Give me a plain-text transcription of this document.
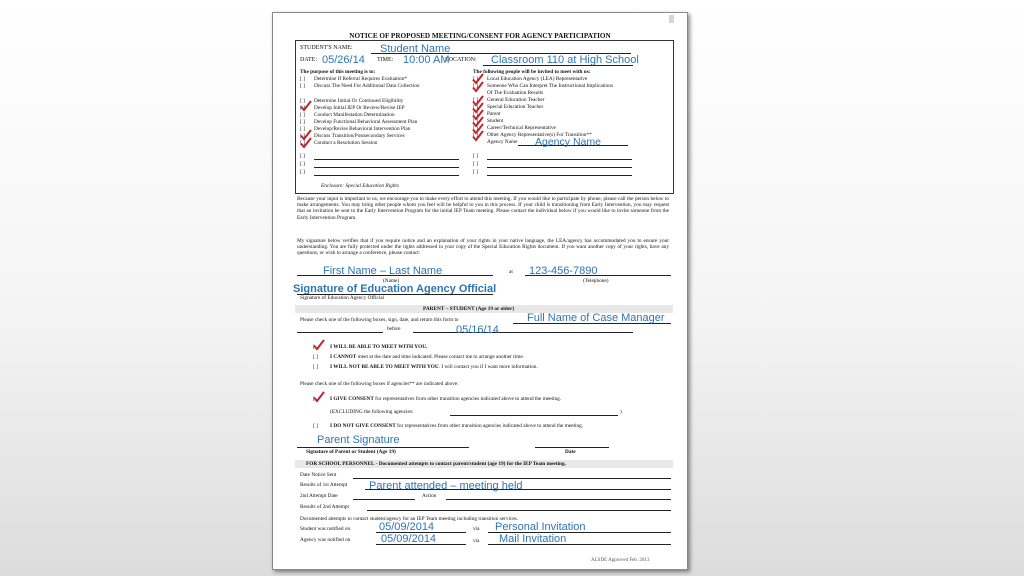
NOTICE OF PROPOSED MEETING/CONSENT FOR AGENCY PARTICIPATION
STUDENT'S NAME: Student Name
DATE: 05/26/14 TIME: 10:00 AM
LOCATION: Classroom 110 at High School
The purpose of this meeting is to:
[ ] Determine If Referral Requires Evaluation*
[ ] Discuss The Need For Additional Data Collection
[ ] Determine Initial Or Continued Eligibility
[ ] Develop Initial IEP Or Review/Revise IEP
[ ] Conduct Manifestation Determination
[ ] Develop Functional Behavioral Assessment Plan
[ ] Develop/Revise Behavioral Intervention Plan
[ ] Discuss Transition/Postsecondary Services
[ ] Conduct a Resolution Session
[ ]
[ ]
[ ]
The following people will be invited to meet with us:
[ ] Local Education Agency (LEA) Representative
[ ] Someone Who Can Interpret The Instructional Implications
Of The Evaluation Results
[ ] General Education Teacher
[ ] Special Education Teacher
[ ] Parent
[ ] Student
[ ] Career/Technical Representative
[ ] Other Agency Representative(s) For Transition**
Agency Name Agency Name
[ ]
[ ]
[ ]
Enclosure: Special Education Rights
Because your input is important to us, we encourage you to make every effort to attend this meeting. If you would like to participate by phone, please call the person below to make arrangements. You may bring other people whom you feel will be helpful to you in this process. If your child is transitioning from Early Intervention, you may request that an invitation be sent to the Early Intervention Program for the initial IEP Team meeting. Please contact the individual below if you would like to invite someone from the Early Intervention Program.
My signature below verifies that if you require notice and an explanation of your rights in your native language, the LEA/agency has accommodated you to ensure your understanding. You are fully protected under the rights addressed in your copy of the Special Education Rights document. If you want another copy of your rights, have any questions, or wish to arrange a conference, please contact:
First Name – Last Name	at 123-456-7890
(Name)	(Telephone)
Signature of Education Agency Official
Signature of Education Agency Official
PARENT – STUDENT (Age 19 or older)
Please check one of the following boxes, sign, date, and return this form to	Full Name of Case Manager
before	05/16/14
[	I WILL BE ABLE TO MEET WITH YOU.
[ ] I CANNOT meet at the date and time indicated. Please contact me to arrange another time.
[ ] I WILL NOT BE ABLE TO MEET WITH YOU. I will contact you if I want more information.
Please check one of the following boxes if agencies** are indicated above:
[	I GIVE CONSENT for representatives from other transition agencies indicated above to attend the meeting.
(EXCLUDING the following agencies:	)
[ ] I DO NOT GIVE CONSENT for representatives from other transition agencies indicated above to attend the meeting.
Parent Signature
Signature of Parent or Student (Age 19)	Date
FOR SCHOOL PERSONNEL - Documented attempts to contact parent/student (age 19) for the IEP Team meeting.
Date Notice Sent
Results of 1st Attempt Parent attended – meeting held
2nd Attempt Date	Action
Results of 2nd Attempt
Documented attempts to contact student/agency for an IEP Team meeting including transition services.
Student was notified on	05/09/2014	via Personal Invitation
Agency was notified on	05/09/2014	via Mail Invitation
ALSDE Approved Feb. 2013
